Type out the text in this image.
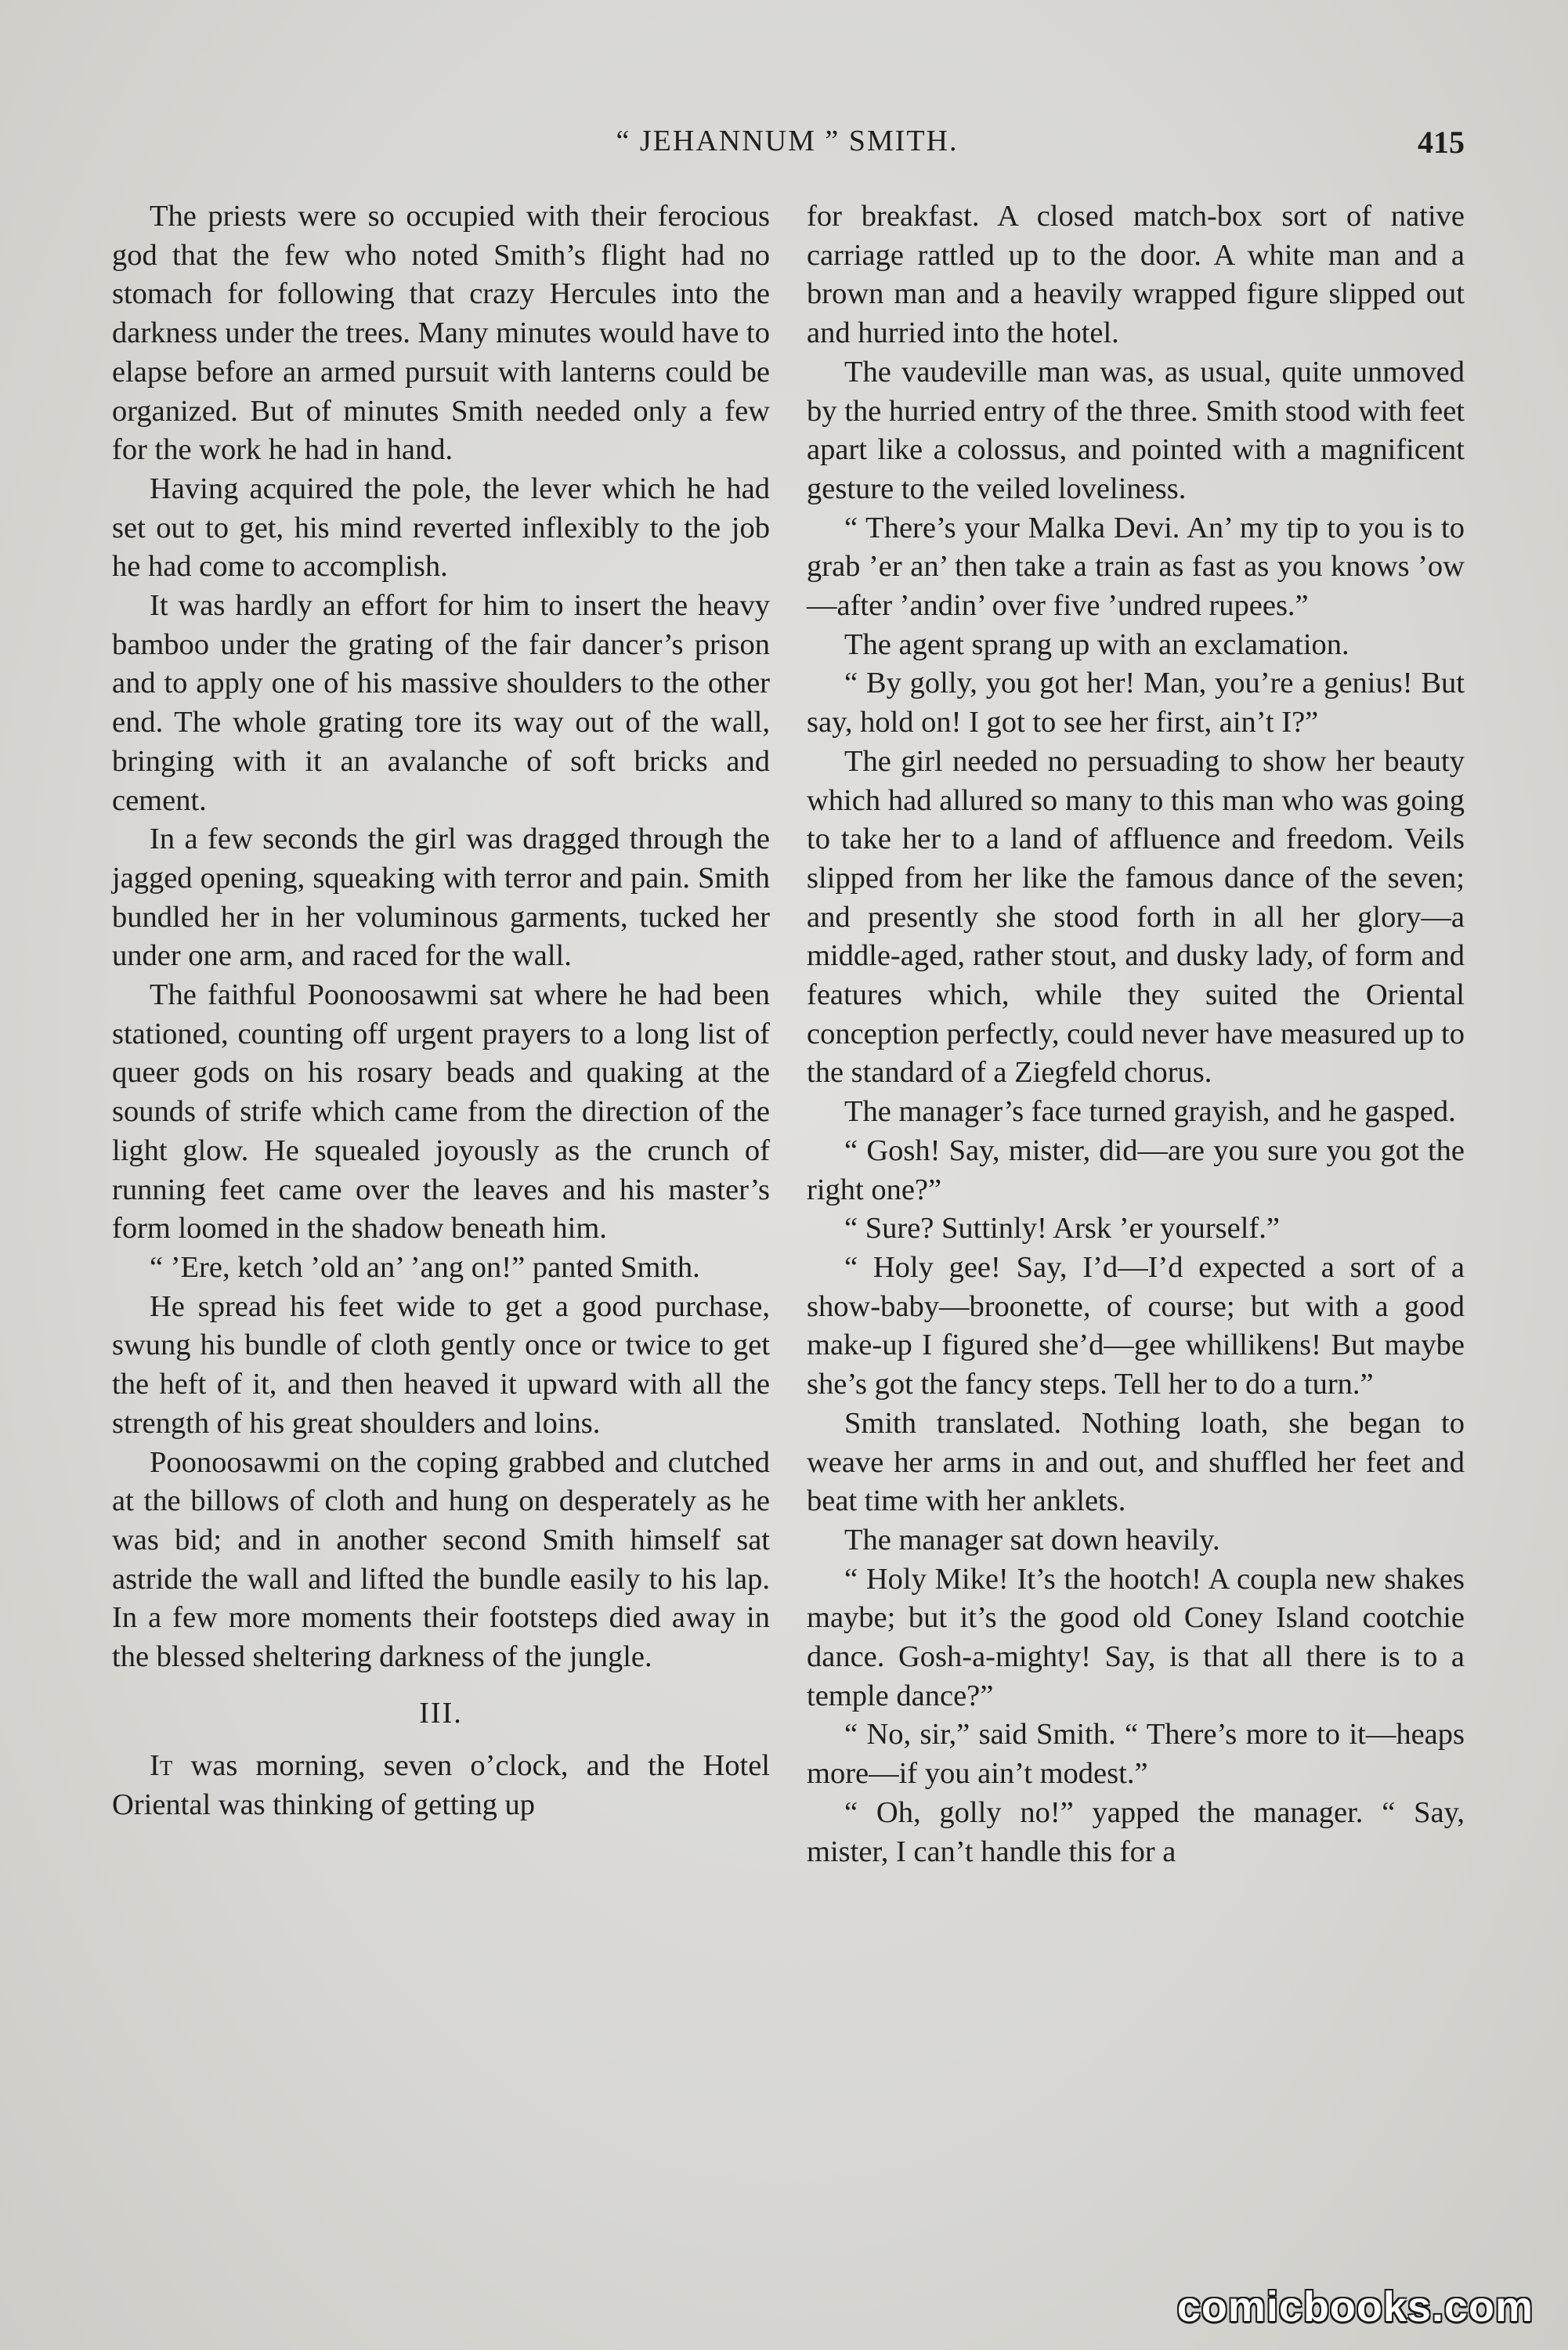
“ JEHANNUM ” SMITH.	415

The priests were so occupied with their ferocious god that the few who noted Smith’s flight had no stomach for following that crazy Hercules into the darkness under the trees. Many minutes would have to elapse before an armed pursuit with lanterns could be organized. But of minutes Smith needed only a few for the work he had in hand.

Having acquired the pole, the lever which he had set out to get, his mind reverted inflexibly to the job he had come to accomplish.

It was hardly an effort for him to insert the heavy bamboo under the grating of the fair dancer’s prison and to apply one of his massive shoulders to the other end. The whole grating tore its way out of the wall, bringing with it an avalanche of soft bricks and cement.

In a few seconds the girl was dragged through the jagged opening, squeaking with terror and pain. Smith bundled her in her voluminous garments, tucked her under one arm, and raced for the wall.

The faithful Poonoosawmi sat where he had been stationed, counting off urgent prayers to a long list of queer gods on his rosary beads and quaking at the sounds of strife which came from the direction of the light glow. He squealed joyously as the crunch of running feet came over the leaves and his master’s form loomed in the shadow beneath him.

“ ’Ere, ketch ’old an’ ’ang on!” panted Smith.

He spread his feet wide to get a good purchase, swung his bundle of cloth gently once or twice to get the heft of it, and then heaved it upward with all the strength of his great shoulders and loins.

Poonoosawmi on the coping grabbed and clutched at the billows of cloth and hung on desperately as he was bid; and in another second Smith himself sat astride the wall and lifted the bundle easily to his lap. In a few more moments their footsteps died away in the blessed sheltering darkness of the jungle.

III.

It was morning, seven o’clock, and the Hotel Oriental was thinking of getting up

for breakfast. A closed match-box sort of native carriage rattled up to the door. A white man and a brown man and a heavily wrapped figure slipped out and hurried into the hotel.

The vaudeville man was, as usual, quite unmoved by the hurried entry of the three. Smith stood with feet apart like a colossus, and pointed with a magnificent gesture to the veiled loveliness.

“ There’s your Malka Devi. An’ my tip to you is to grab ’er an’ then take a train as fast as you knows ’ow—after ’andin’ over five ’undred rupees.”

The agent sprang up with an exclamation.

“ By golly, you got her! Man, you’re a genius! But say, hold on! I got to see her first, ain’t I?”

The girl needed no persuading to show her beauty which had allured so many to this man who was going to take her to a land of affluence and freedom. Veils slipped from her like the famous dance of the seven; and presently she stood forth in all her glory—a middle-aged, rather stout, and dusky lady, of form and features which, while they suited the Oriental conception perfectly, could never have measured up to the standard of a Ziegfeld chorus.

The manager’s face turned grayish, and he gasped.

“ Gosh! Say, mister, did—are you sure you got the right one?”

“ Sure? Suttinly! Arsk ’er yourself.”

“ Holy gee! Say, I’d—I’d expected a sort of a show-baby—broonette, of course; but with a good make-up I figured she’d—gee whillikens! But maybe she’s got the fancy steps. Tell her to do a turn.”

Smith translated. Nothing loath, she began to weave her arms in and out, and shuffled her feet and beat time with her anklets.

The manager sat down heavily.

“ Holy Mike! It’s the hootch! A coupla new shakes maybe; but it’s the good old Coney Island cootchie dance. Gosh-a-mighty! Say, is that all there is to a temple dance?”

“ No, sir,” said Smith. “ There’s more to it—heaps more—if you ain’t modest.”

“ Oh, golly no!” yapped the manager. “ Say, mister, I can’t handle this for a

comicbooks.com
